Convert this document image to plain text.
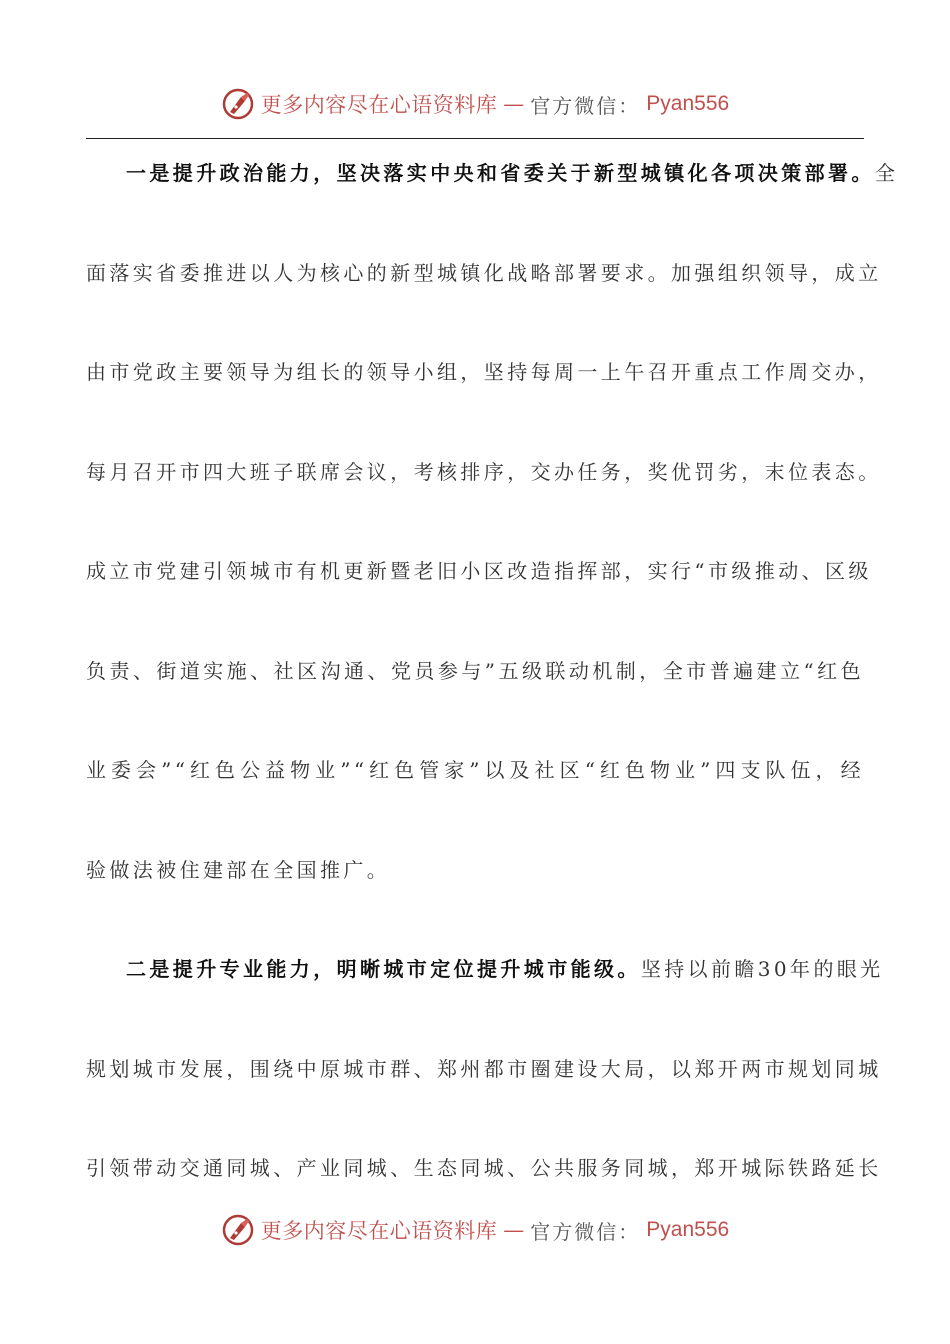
更多内容尽在心语资料库 — 官方微信： Pyan556
一是提升政治能力，坚决落实中央和省委关于新型城镇化各项决策部署。全
面落实省委推进以人为核心的新型城镇化战略部署要求。加强组织领导，成立
由市党政主要领导为组长的领导小组，坚持每周一上午召开重点工作周交办，
每月召开市四大班子联席会议，考核排序，交办任务，奖优罚劣，末位表态。
成立市党建引领城市有机更新暨老旧小区改造指挥部，实行“市级推动、区级
负责、街道实施、社区沟通、党员参与”五级联动机制，全市普遍建立“红色
业委会”“红色公益物业”“红色管家”以及社区“红色物业”四支队伍，经
验做法被住建部在全国推广。
二是提升专业能力，明晰城市定位提升城市能级。坚持以前瞻30年的眼光
规划城市发展，围绕中原城市群、郑州都市圈建设大局，以郑开两市规划同城
引领带动交通同城、产业同城、生态同城、公共服务同城，郑开城际铁路延长
更多内容尽在心语资料库 — 官方微信： Pyan556
